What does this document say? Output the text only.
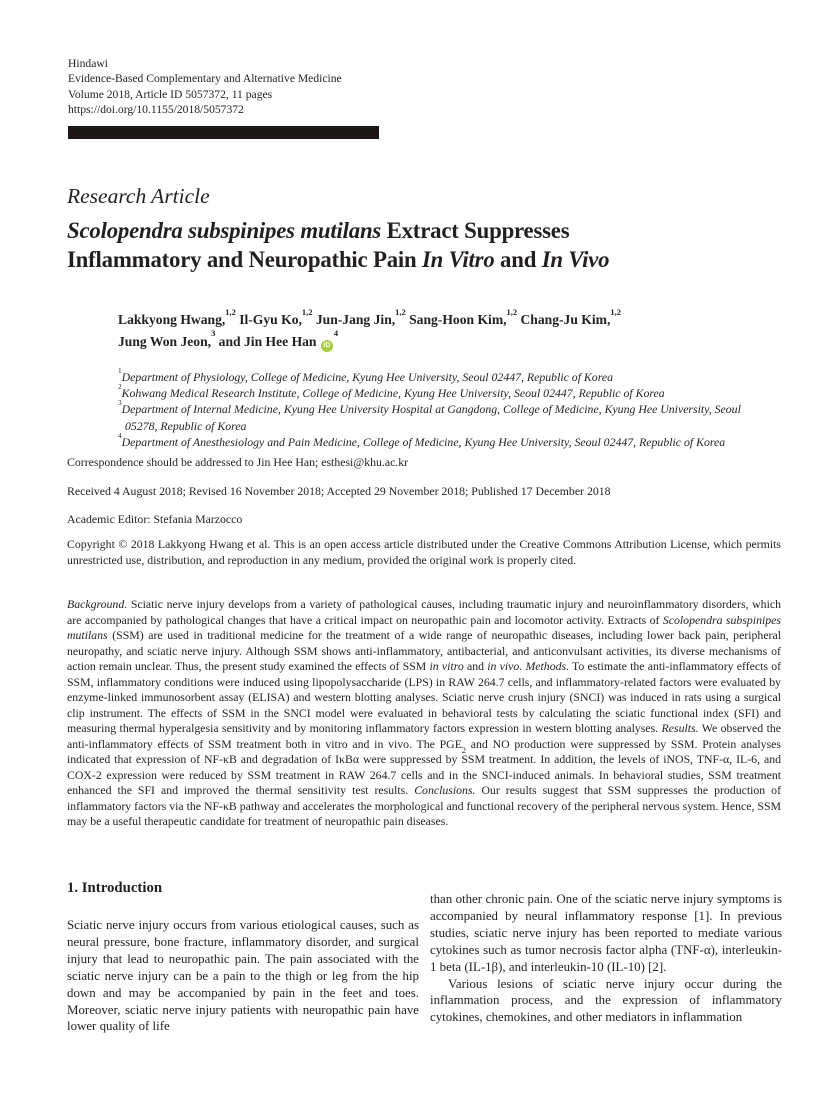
Hindawi
Evidence-Based Complementary and Alternative Medicine
Volume 2018, Article ID 5057372, 11 pages
https://doi.org/10.1155/2018/5057372
Research Article
Scolopendra subspinipes mutilans Extract Suppresses
Inflammatory and Neuropathic Pain In Vitro and In Vivo
Lakkyong Hwang,$^{1,2}$ Il-Gyu Ko,$^{1,2}$ Jun-Jang Jin,$^{1,2}$ Sang-Hoon Kim,$^{1,2}$ Chang-Ju Kim,$^{1,2}$
Jung Won Jeon,$^3$ and Jin Hee Han $iD^4$
$^1$Department of Physiology, College of Medicine, Kyung Hee University, Seoul 02447, Republic of Korea
$^2$Kohwang Medical Research Institute, College of Medicine, Kyung Hee University, Seoul 02447, Republic of Korea
$^3$Department of Internal Medicine, Kyung Hee University Hospital at Gangdong, College of Medicine, Kyung Hee University, Seoul 05278, Republic of Korea
$^4$Department of Anesthesiology and Pain Medicine, College of Medicine, Kyung Hee University, Seoul 02447, Republic of Korea
Correspondence should be addressed to Jin Hee Han; esthesi@khu.ac.kr
Received 4 August 2018; Revised 16 November 2018; Accepted 29 November 2018; Published 17 December 2018
Academic Editor: Stefania Marzocco

Copyright © 2018 Lakkyong Hwang et al. This is an open access article distributed under the Creative Commons Attribution License, which permits unrestricted use, distribution, and reproduction in any medium, provided the original work is properly cited.

Background. Sciatic nerve injury develops from a variety of pathological causes, including traumatic injury and neuroinflammatory disorders, which are accompanied by pathological changes that have a critical impact on neuropathic pain and locomotor activity. Extracts of Scolopendra subspinipes mutilans (SSM) are used in traditional medicine for the treatment of a wide range of neuropathic diseases, including lower back pain, peripheral neuropathy, and sciatic nerve injury. Although SSM shows anti-inflammatory, antibacterial, and anticonvulsant activities, its diverse mechanisms of action remain unclear. Thus, the present study examined the effects of SSM in vitro and in vivo. Methods. To estimate the anti-inflammatory effects of SSM, inflammatory conditions were induced using lipopolysaccharide (LPS) in RAW 264.7 cells, and inflammatory-related factors were evaluated by enzyme-linked immunosorbent assay (ELISA) and western blotting analyses. Sciatic nerve crush injury (SNCI) was induced in rats using a surgical clip instrument. The effects of SSM in the SNCI model were evaluated in behavioral tests by calculating the sciatic functional index (SFI) and measuring thermal hyperalgesia sensitivity and by monitoring inflammatory factors expression in western blotting analyses. Results. We observed the anti-inflammatory effects of SSM treatment both in vitro and in vivo. The $PGE_2$ and NO production were suppressed by SSM. Protein analyses indicated that expression of NF-κB and degradation of IκBα were suppressed by SSM treatment. In addition, the levels of iNOS, TNF-α, IL-6, and COX-2 expression were reduced by SSM treatment in RAW 264.7 cells and in the SNCI-induced animals. In behavioral studies, SSM treatment enhanced the SFI and improved the thermal sensitivity test results. Conclusions. Our results suggest that SSM suppresses the production of inflammatory factors via the NF-κB pathway and accelerates the morphological and functional recovery of the peripheral nervous system. Hence, SSM may be a useful therapeutic candidate for treatment of neuropathic pain diseases.

1. Introduction

Sciatic nerve injury occurs from various etiological causes, such as neural pressure, bone fracture, inflammatory disorder, and surgical injury that lead to neuropathic pain. The pain associated with the sciatic nerve injury can be a pain to the thigh or leg from the hip down and may be accompanied by pain in the feet and toes. Moreover, sciatic nerve injury patients with neuropathic pain have lower quality of life

than other chronic pain. One of the sciatic nerve injury symptoms is accompanied by neural inflammatory response [1]. In previous studies, sciatic nerve injury has been reported to mediate various cytokines such as tumor necrosis factor alpha (TNF-α), interleukin-1 beta (IL-1β), and interleukin-10 (IL-10) [2].

Various lesions of sciatic nerve injury occur during the inflammation process, and the expression of inflammatory cytokines, chemokines, and other mediators in inflammation
